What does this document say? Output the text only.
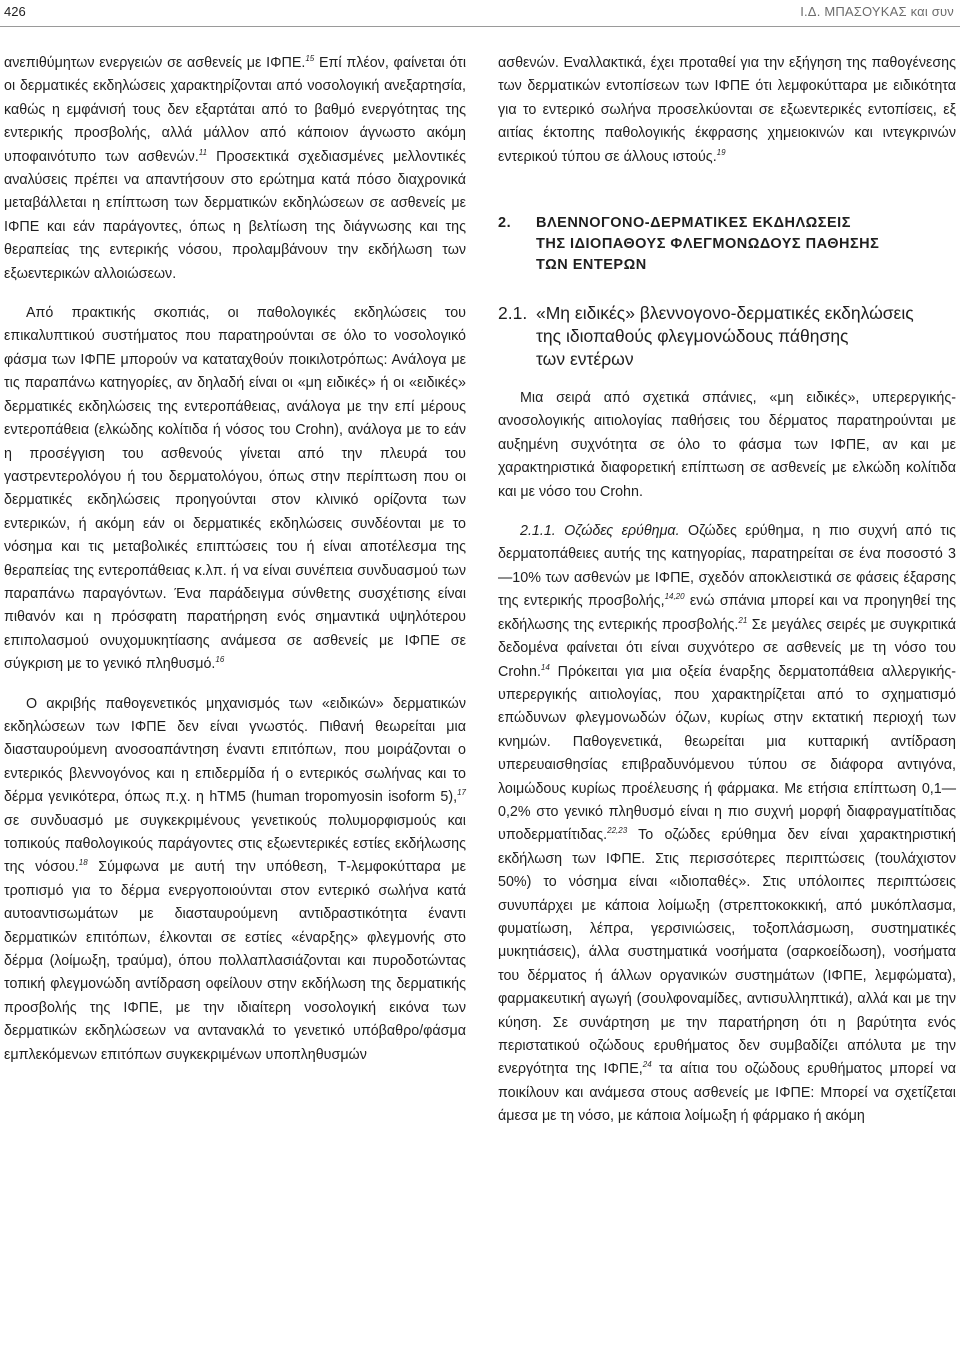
426	Ι.Δ. ΜΠΑΣΟΥΚΑΣ και συν

ανεπιθύμητων ενεργειών σε ασθενείς με ΙΦΠΕ.$^{15}$ Επί πλέον, φαίνεται ότι οι δερματικές εκδηλώσεις χαρακτηρίζονται από νοσολογική ανεξαρτησία, καθώς η εμφάνισή τους δεν εξαρτάται από το βαθμό ενεργότητας της εντερικής προσβολής, αλλά μάλλον από κάποιον άγνωστο ακόμη υποφαινότυπο των ασθενών.$^{11}$ Προσεκτικά σχεδιασμένες μελλοντικές αναλύσεις πρέπει να απαντήσουν στο ερώτημα κατά πόσο διαχρονικά μεταβάλλεται η επίπτωση των δερματικών εκδηλώσεων σε ασθενείς με ΙΦΠΕ και εάν παράγοντες, όπως η βελτίωση της διάγνωσης και της θεραπείας της εντερικής νόσου, προλαμβάνουν την εκδήλωση των εξωεντερικών αλλοιώσεων.

Από πρακτικής σκοπιάς, οι παθολογικές εκδηλώσεις του επικαλυπτικού συστήματος που παρατηρούνται σε όλο το νοσολογικό φάσμα των ΙΦΠΕ μπορούν να καταταχθούν ποικιλοτρόπως: Ανάλογα με τις παραπάνω κατηγορίες, αν δηλαδή είναι οι «μη ειδικές» ή οι «ειδικές» δερματικές εκδηλώσεις της εντεροπάθειας, ανάλογα με την επί μέρους εντεροπάθεια (ελκώδης κολίτιδα ή νόσος του Crohn), ανάλογα με το εάν η προσέγγιση του ασθενούς γίνεται από την πλευρά του γαστρεντερολόγου ή του δερματολόγου, όπως στην περίπτωση που οι δερματικές εκδηλώσεις προηγούνται στον κλινικό ορίζοντα των εντερικών, ή ακόμη εάν οι δερματικές εκδηλώσεις συνδέονται με το νόσημα και τις μεταβολικές επιπτώσεις του ή είναι αποτέλεσμα της θεραπείας της εντεροπάθειας κ.λπ. ή να είναι συνέπεια συνδυασμού των παραπάνω παραγόντων. Ένα παράδειγμα σύνθετης συσχέτισης είναι πιθανόν και η πρόσφατη παρατήρηση ενός σημαντικά υψηλότερου επιπολασμού ονυχομυκητίασης ανάμεσα σε ασθενείς με ΙΦΠΕ σε σύγκριση με το γενικό πληθυσμό.$^{16}$

Ο ακριβής παθογενετικός μηχανισμός των «ειδικών» δερματικών εκδηλώσεων των ΙΦΠΕ δεν είναι γνωστός. Πιθανή θεωρείται μια διασταυρούμενη ανοσοαπάντηση έναντι επιτόπων, που μοιράζονται ο εντερικός βλεννογόνος και η επιδερμίδα ή ο εντερικός σωλήνας και το δέρμα γενικότερα, όπως π.χ. η hTM5 (human tropomyosin isoform 5),$^{17}$ σε συνδυασμό με συγκεκριμένους γενετικούς πολυμορφισμούς και τοπικούς παθολογικούς παράγοντες στις εξωεντερικές εστίες εκδήλωσης της νόσου.$^{18}$ Σύμφωνα με αυτή την υπόθεση, Τ-λεμφοκύτταρα με τροπισμό για το δέρμα ενεργοποιούνται στον εντερικό σωλήνα κατά αυτοαντισωμάτων με διασταυρούμενη αντιδραστικότητα έναντι δερματικών επιτόπων, έλκονται σε εστίες «έναρξης» φλεγμονής στο δέρμα (λοίμωξη, τραύμα), όπου πολλαπλασιάζονται και πυροδοτώντας τοπική φλεγμονώδη αντίδραση οφείλουν στην εκδήλωση της δερματικής προσβολής της ΙΦΠΕ, με την ιδιαίτερη νοσολογική εικόνα των δερματικών εκδηλώσεων να αντανακλά το γενετικό υπόβαθρο/φάσμα εμπλεκόμενων επιτόπων συγκεκριμένων υποπληθυσμών

ασθενών. Εναλλακτικά, έχει προταθεί για την εξήγηση της παθογένεσης των δερματικών εντοπίσεων των ΙΦΠΕ ότι λεμφοκύτταρα με ειδικότητα για το εντερικό σωλήνα προσελκύονται σε εξωεντερικές εντοπίσεις, εξ αιτίας έκτοπης παθολογικής έκφρασης χημειοκινών και ιντεγκρινών εντερικού τύπου σε άλλους ιστούς.$^{19}$

2. ΒΛΕΝΝΟΓΟΝΟ-ΔΕΡΜΑΤΙΚΕΣ ΕΚΔΗΛΩΣΕΙΣ
ΤΗΣ ΙΔΙΟΠΑΘΟΥΣ ΦΛΕΓΜΟΝΩΔΟΥΣ ΠΑΘΗΣΗΣ
ΤΩΝ ΕΝΤΕΡΩΝ
2.1. «Μη ειδικές» βλεννογονο-δερματικές εκδηλώσεις
της ιδιοπαθούς φλεγμονώδους πάθησης
των εντέρων

Μια σειρά από σχετικά σπάνιες, «μη ειδικές», υπερεργικής-ανοσολογικής αιτιολογίας παθήσεις του δέρματος παρατηρούνται με αυξημένη συχνότητα σε όλο το φάσμα των ΙΦΠΕ, αν και με χαρακτηριστικά διαφορετική επίπτωση σε ασθενείς με ελκώδη κολίτιδα και με νόσο του Crohn.

2.1.1. Οζώδες ερύθημα. Οζώδες ερύθημα, η πιο συχνή από τις δερματοπάθειες αυτής της κατηγορίας, παρατηρείται σε ένα ποσοστό 3—10% των ασθενών με ΙΦΠΕ, σχεδόν αποκλειστικά σε φάσεις έξαρσης της εντερικής προσβολής,$^{14,20}$ ενώ σπάνια μπορεί και να προηγηθεί της εκδήλωσης της εντερικής προσβολής.$^{21}$ Σε μεγάλες σειρές με συγκριτικά δεδομένα φαίνεται ότι είναι συχνότερο σε ασθενείς με τη νόσο του Crohn.$^{14}$ Πρόκειται για μια οξεία έναρξης δερματοπάθεια αλλεργικής-υπερεργικής αιτιολογίας, που χαρακτηρίζεται από το σχηματισμό επώδυνων φλεγμονωδών όζων, κυρίως στην εκτατική περιοχή των κνημών. Παθογενετικά, θεωρείται μια κυτταρική αντίδραση υπερευαισθησίας επιβραδυνόμενου τύπου σε διάφορα αντιγόνα, λοιμώδους κυρίως προέλευσης ή φάρμακα. Με ετήσια επίπτωση 0,1—0,2% στο γενικό πληθυσμό είναι η πιο συχνή μορφή διαφραγματίτιδας υποδερματίτιδας.$^{22,23}$ Το οζώδες ερύθημα δεν είναι χαρακτηριστική εκδήλωση των ΙΦΠΕ. Στις περισσότερες περιπτώσεις (τουλάχιστον 50%) το νόσημα είναι «ιδιοπαθές». Στις υπόλοιπες περιπτώσεις συνυπάρχει με κάποια λοίμωξη (στρεπτοκοκκική, από μυκόπλασμα, φυματίωση, λέπρα, γερσινιώσεις, τοξοπλάσμωση, συστηματικές μυκητιάσεις), άλλα συστηματικά νοσήματα (σαρκοείδωση), νοσήματα του δέρματος ή άλλων οργανικών συστημάτων (ΙΦΠΕ, λεμφώματα), φαρμακευτική αγωγή (σουλφοναμίδες, αντισυλληπτικά), αλλά και με την κύηση. Σε συνάρτηση με την παρατήρηση ότι η βαρύτητα ενός περιστατικού οζώδους ερυθήματος δεν συμβαδίζει απόλυτα με την ενεργότητα της ΙΦΠΕ,$^{24}$ τα αίτια του οζώδους ερυθήματος μπορεί να ποικίλουν και ανάμεσα στους ασθενείς με ΙΦΠΕ: Μπορεί να σχετίζεται άμεσα με τη νόσο, με κάποια λοίμωξη ή φάρμακο ή ακόμη
